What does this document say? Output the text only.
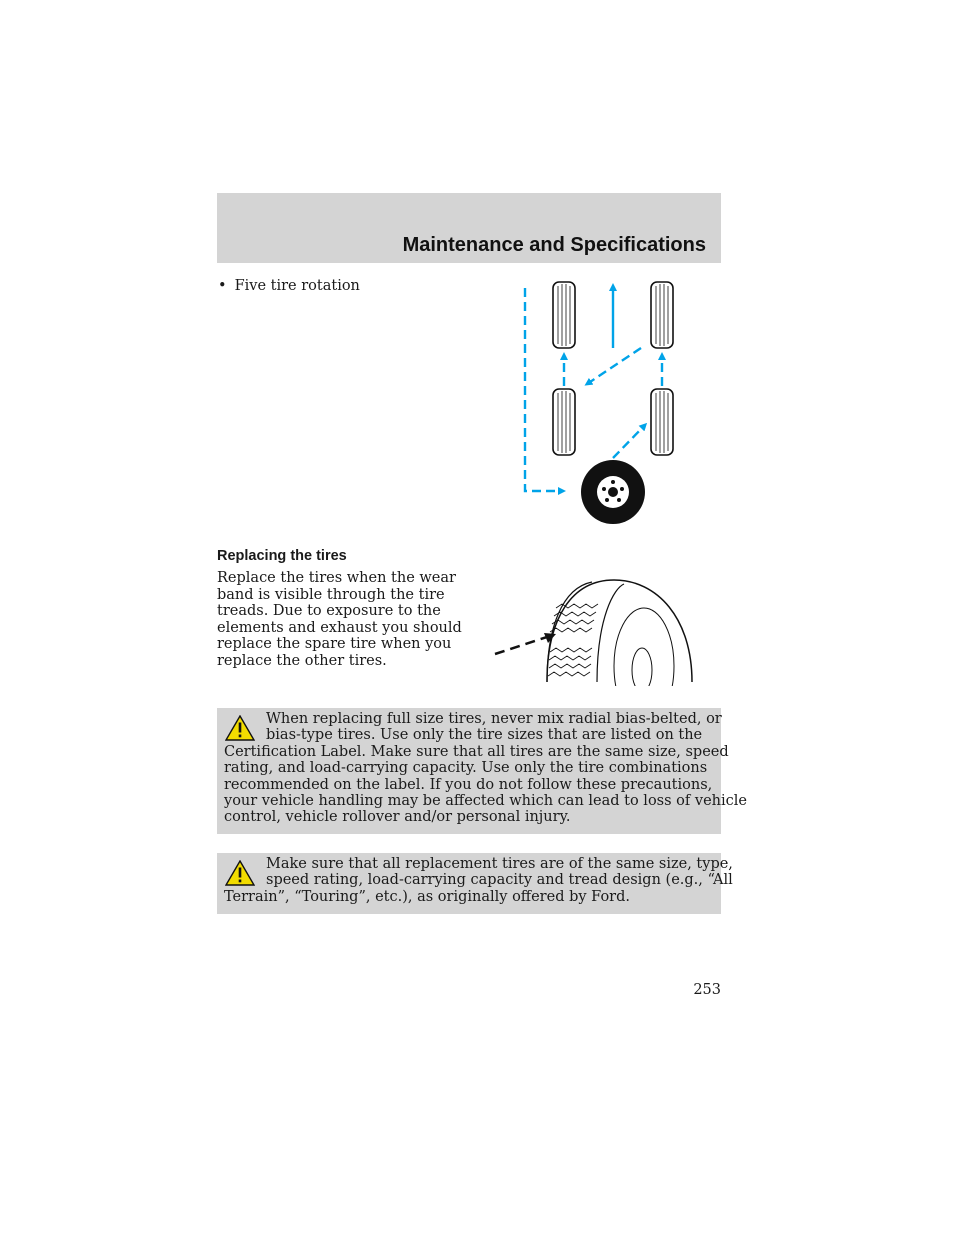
Maintenance and Specifications
• Five tire rotation
Replacing the tires
Replace the tires when the wear
band is visible through the tire
treads. Due to exposure to the
elements and exhaust you should
replace the spare tire when you
replace the other tires.
When replacing full size tires, never mix radial bias-belted, or
bias-type tires. Use only the tire sizes that are listed on the
Certification Label. Make sure that all tires are the same size, speed
rating, and load-carrying capacity. Use only the tire combinations
recommended on the label. If you do not follow these precautions,
your vehicle handling may be affected which can lead to loss of vehicle
control, vehicle rollover and/or personal injury.
Make sure that all replacement tires are of the same size, type,
speed rating, load-carrying capacity and tread design (e.g., “All
Terrain”, “Touring”, etc.), as originally offered by Ford.
253
